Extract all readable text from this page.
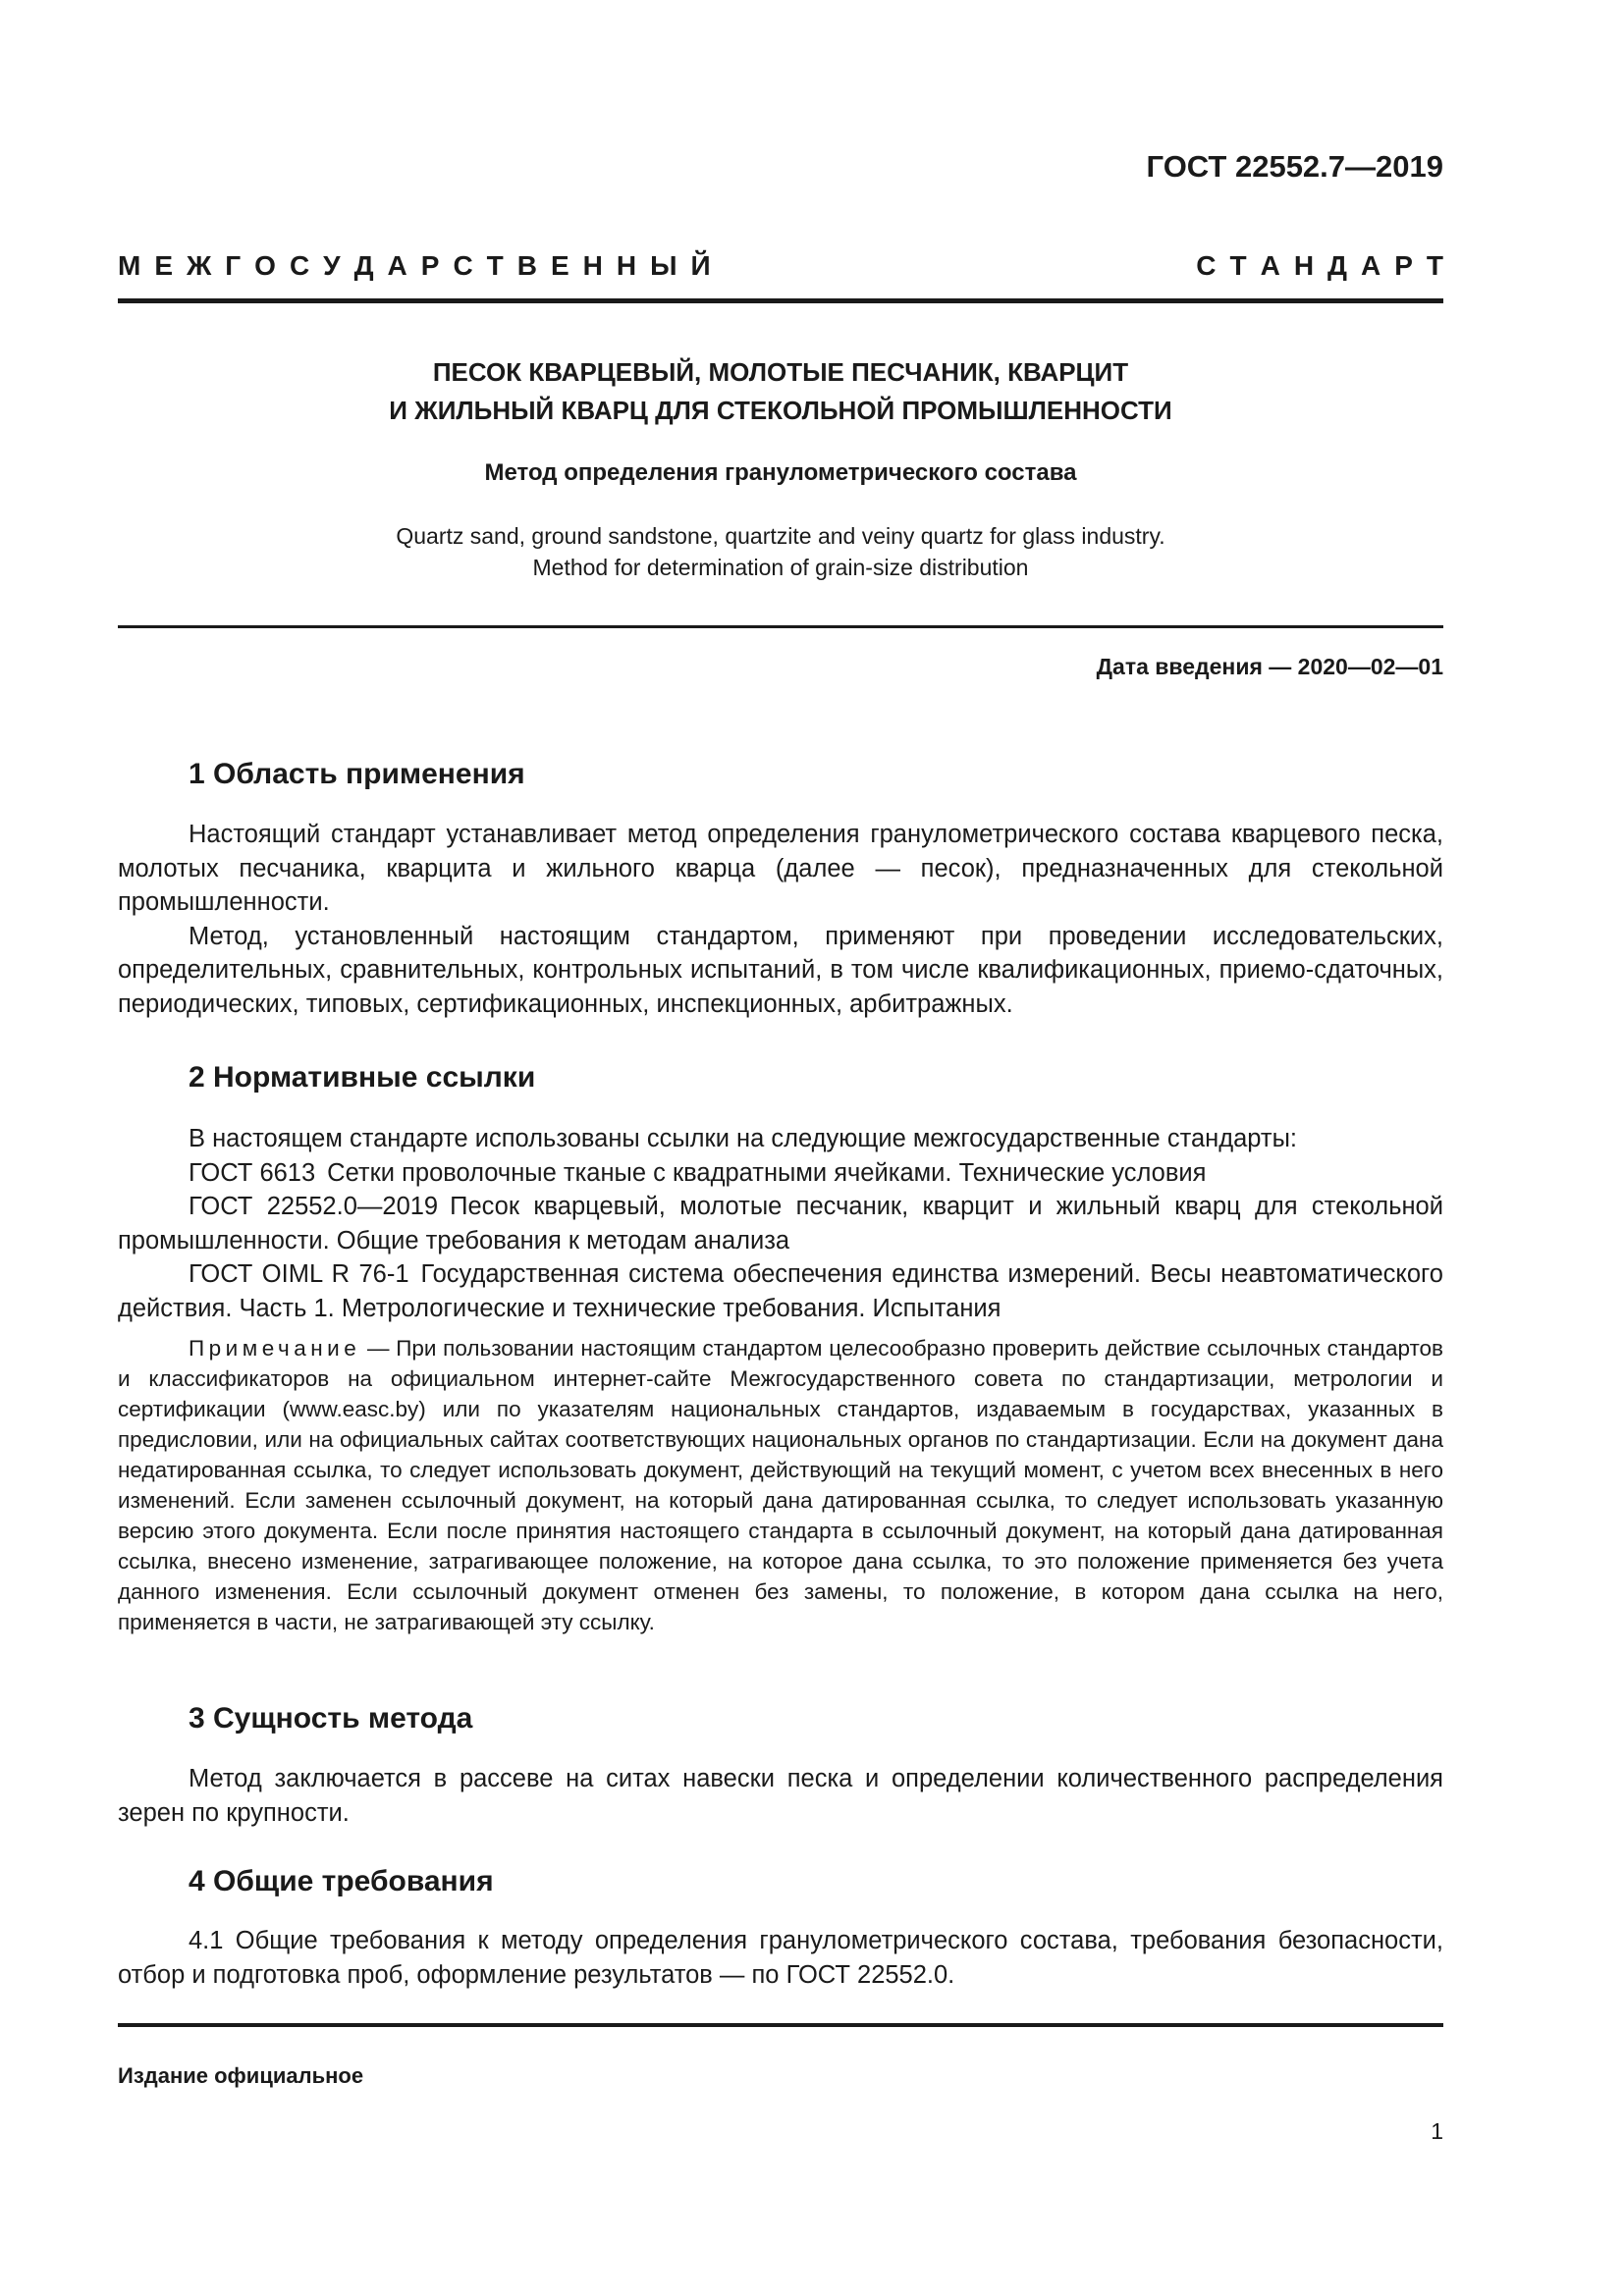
ГОСТ 22552.7—2019
М Е Ж Г О С У Д А Р С Т В Е Н Н Ы Й	С Т А Н Д А Р Т
ПЕСОК КВАРЦЕВЫЙ, МОЛОТЫЕ ПЕСЧАНИК, КВАРЦИТ
И ЖИЛЬНЫЙ КВАРЦ ДЛЯ СТЕКОЛЬНОЙ ПРОМЫШЛЕННОСТИ
Метод определения гранулометрического состава
Quartz sand, ground sandstone, quartzite and veiny quartz for glass industry.
Method for determination of grain-size distribution
Дата введения — 2020—02—01
1 Область применения

Настоящий стандарт устанавливает метод определения гранулометрического состава кварцевого песка, молотых песчаника, кварцита и жильного кварца (далее — песок), предназначенных для стекольной промышленности.

Метод, установленный настоящим стандартом, применяют при проведении исследовательских, определительных, сравнительных, контрольных испытаний, в том числе квалификационных, приемо-сдаточных, периодических, типовых, сертификационных, инспекционных, арбитражных.

2 Нормативные ссылки

В настоящем стандарте использованы ссылки на следующие межгосударственные стандарты:

ГОСТ 6613 Сетки проволочные тканые с квадратными ячейками. Технические условия

ГОСТ 22552.0—2019 Песок кварцевый, молотые песчаник, кварцит и жильный кварц для стекольной промышленности. Общие требования к методам анализа

ГОСТ OIML R 76-1 Государственная система обеспечения единства измерений. Весы неавтоматического действия. Часть 1. Метрологические и технические требования. Испытания

Примечание — При пользовании настоящим стандартом целесообразно проверить действие ссылочных стандартов и классификаторов на официальном интернет-сайте Межгосударственного совета по стандартизации, метрологии и сертификации (www.easc.by) или по указателям национальных стандартов, издаваемым в государствах, указанных в предисловии, или на официальных сайтах соответствующих национальных органов по стандартизации. Если на документ дана недатированная ссылка, то следует использовать документ, действующий на текущий момент, с учетом всех внесенных в него изменений. Если заменен ссылочный документ, на который дана датированная ссылка, то следует использовать указанную версию этого документа. Если после принятия настоящего стандарта в ссылочный документ, на который дана датированная ссылка, внесено изменение, затрагивающее положение, на которое дана ссылка, то это положение применяется без учета данного изменения. Если ссылочный документ отменен без замены, то положение, в котором дана ссылка на него, применяется в части, не затрагивающей эту ссылку.

3 Сущность метода

Метод заключается в рассеве на ситах навески песка и определении количественного распределения зерен по крупности.

4 Общие требования

4.1 Общие требования к методу определения гранулометрического состава, требования безопасности, отбор и подготовка проб, оформление результатов — по ГОСТ 22552.0.

Издание официальное
1
